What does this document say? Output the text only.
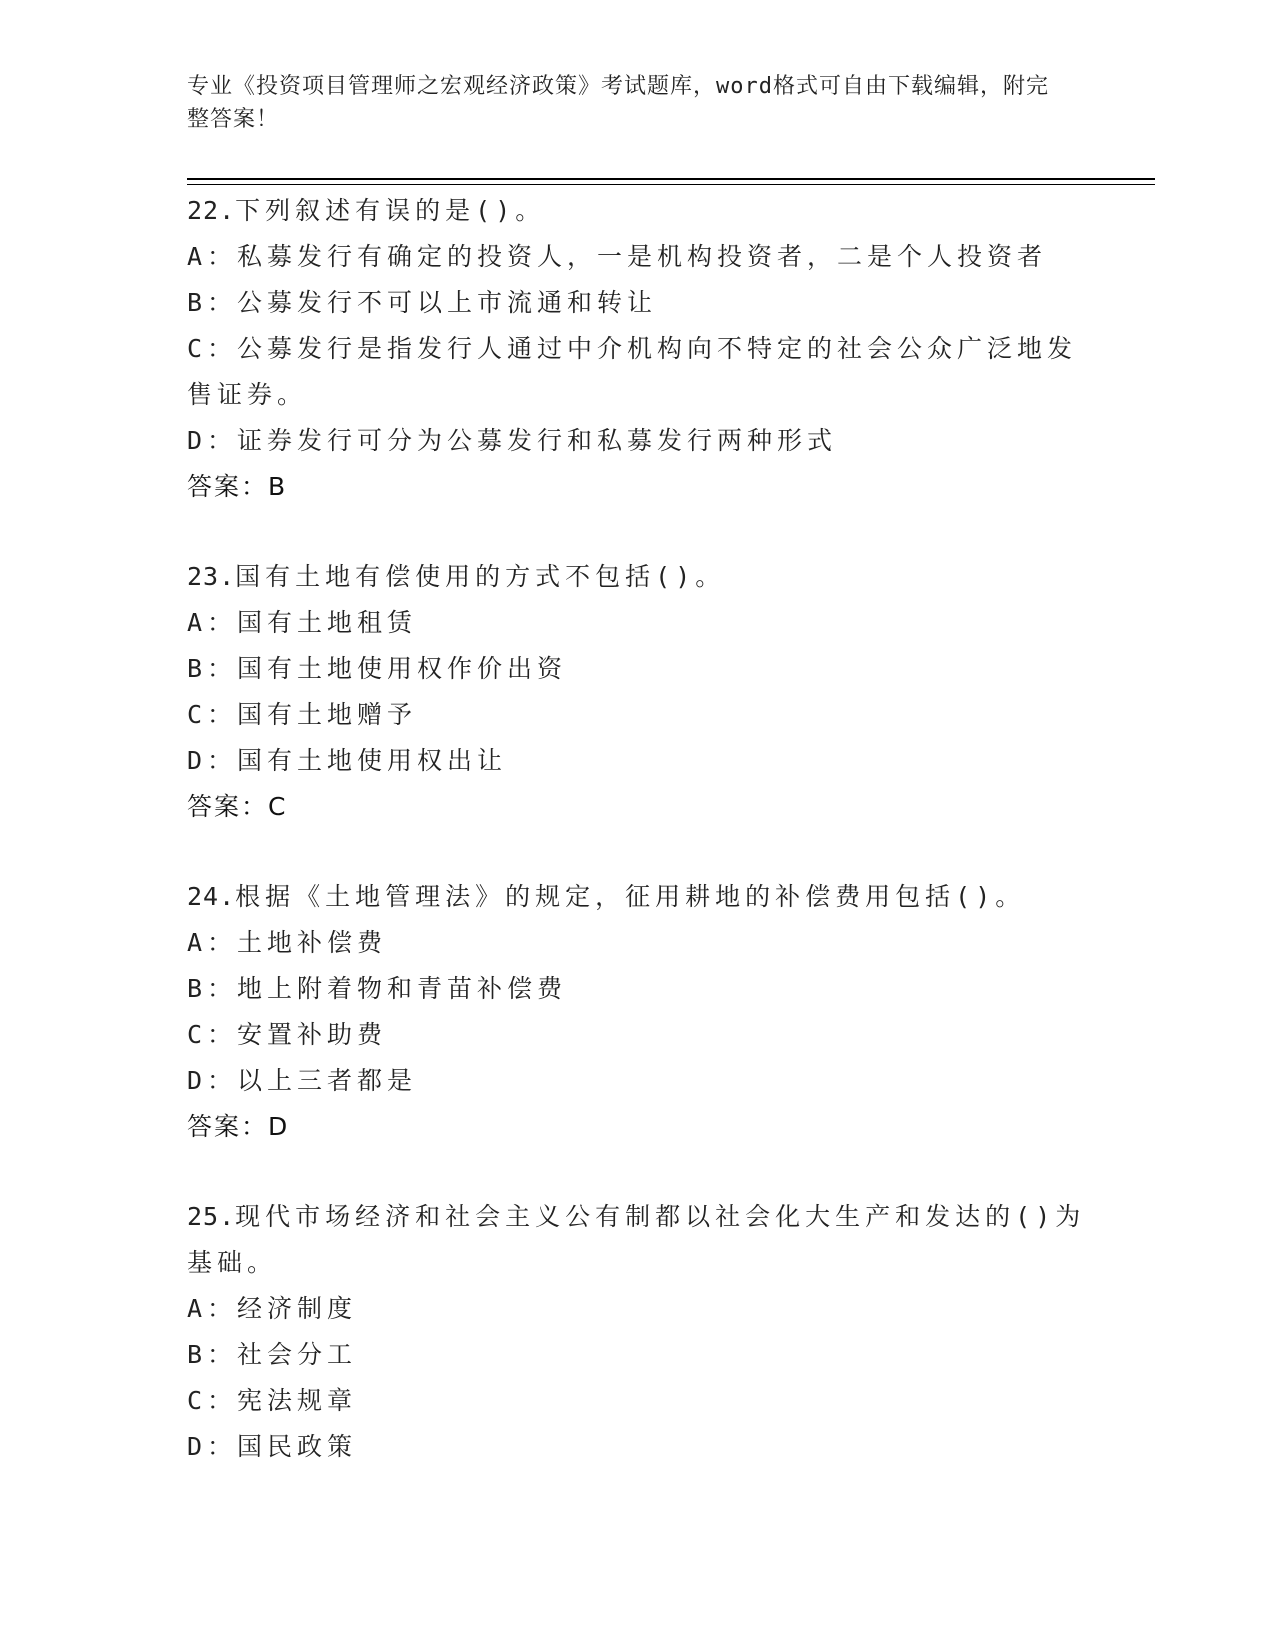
专业《投资项目管理师之宏观经济政策》考试题库，word格式可自由下载编辑，附完整答案！
22.下列叙述有误的是()。
A：私募发行有确定的投资人，一是机构投资者，二是个人投资者
B：公募发行不可以上市流通和转让
C：公募发行是指发行人通过中介机构向不特定的社会公众广泛地发售证券。
D：证券发行可分为公募发行和私募发行两种形式
答案：B
23.国有土地有偿使用的方式不包括()。
A：国有土地租赁
B：国有土地使用权作价出资
C：国有土地赠予
D：国有土地使用权出让
答案：C
24.根据《土地管理法》的规定，征用耕地的补偿费用包括()。
A：土地补偿费
B：地上附着物和青苗补偿费
C：安置补助费
D：以上三者都是
答案：D
25.现代市场经济和社会主义公有制都以社会化大生产和发达的()为基础。
A：经济制度
B：社会分工
C：宪法规章
D：国民政策
